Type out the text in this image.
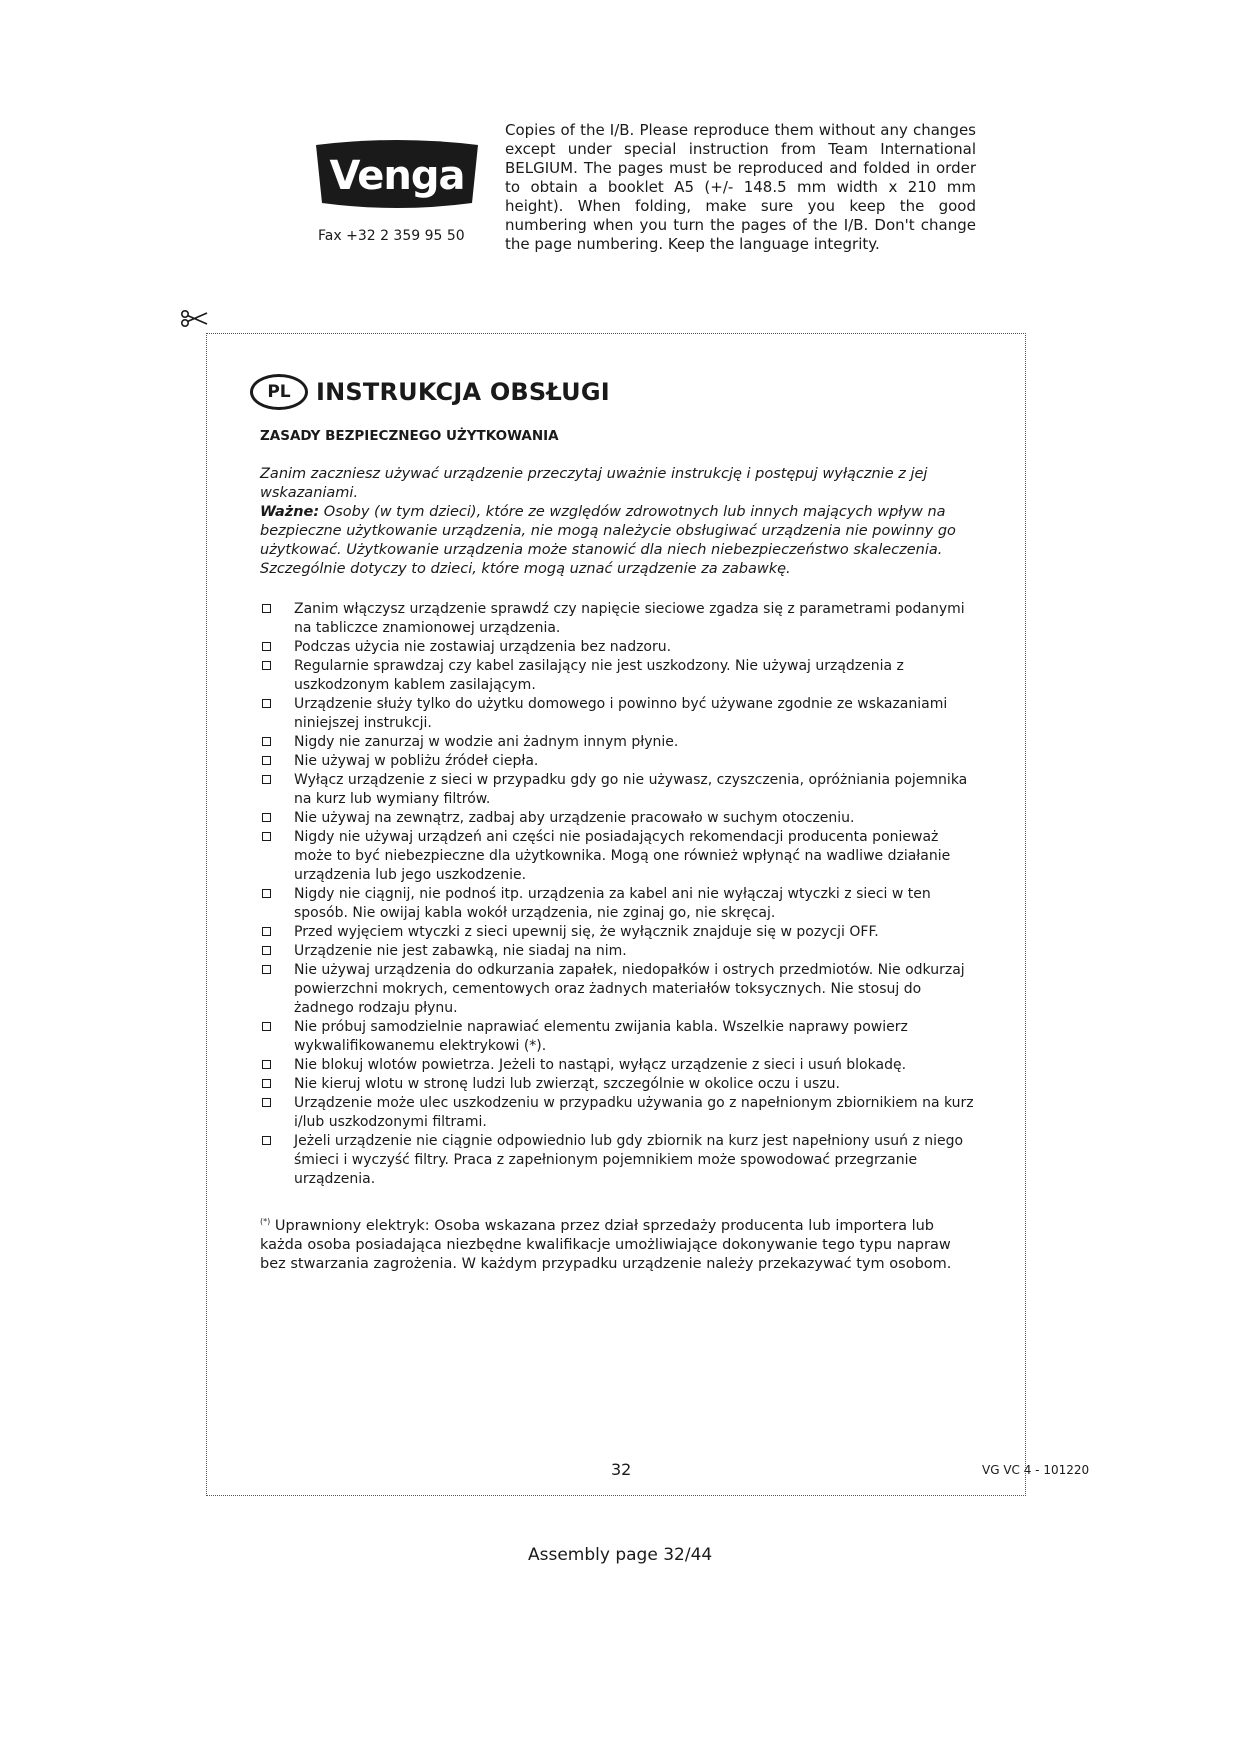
Venga
Fax +32 2 359 95 50
Copies of the I/B. Please reproduce them without any changes except under special instruction from Team International BELGIUM. The pages must be reproduced and folded in order to obtain a booklet A5 (+/- 148.5 mm width x 210 mm height). When folding, make sure you keep the good numbering when you turn the pages of the I/B. Don't change the page numbering. Keep the language integrity.
PL	INSTRUKCJA OBSŁUGI
ZASADY BEZPIECZNEGO UŻYTKOWANIA

Zanim zaczniesz używać urządzenie przeczytaj uważnie instrukcję i postępuj wyłącznie z jej wskazaniami.

Ważne: Osoby (w tym dzieci), które ze względów zdrowotnych lub innych mających wpływ na bezpieczne użytkowanie urządzenia, nie mogą należycie obsługiwać urządzenia nie powinny go użytkować. Użytkowanie urządzenia może stanowić dla niech niebezpieczeństwo skaleczenia. Szczególnie dotyczy to dzieci, które mogą uznać urządzenie za zabawkę.

Zanim włączysz urządzenie sprawdź czy napięcie sieciowe zgadza się z parametrami podanymi na tabliczce znamionowej urządzenia.
Podczas użycia nie zostawiaj urządzenia bez nadzoru.
Regularnie sprawdzaj czy kabel zasilający nie jest uszkodzony. Nie używaj urządzenia z uszkodzonym kablem zasilającym.
Urządzenie służy tylko do użytku domowego i powinno być używane zgodnie ze wskazaniami niniejszej instrukcji.
Nigdy nie zanurzaj w wodzie ani żadnym innym płynie.
Nie używaj w pobliżu źródeł ciepła.
Wyłącz urządzenie z sieci w przypadku gdy go nie używasz, czyszczenia, opróżniania pojemnika na kurz lub wymiany filtrów.
Nie używaj na zewnątrz, zadbaj aby urządzenie pracowało w suchym otoczeniu.
Nigdy nie używaj urządzeń ani części nie posiadających rekomendacji producenta ponieważ może to być niebezpieczne dla użytkownika. Mogą one również wpłynąć na wadliwe działanie urządzenia lub jego uszkodzenie.
Nigdy nie ciągnij, nie podnoś itp. urządzenia za kabel ani nie wyłączaj wtyczki z sieci w ten sposób. Nie owijaj kabla wokół urządzenia, nie zginaj go, nie skręcaj.
Przed wyjęciem wtyczki z sieci upewnij się, że wyłącznik znajduje się w pozycji OFF.
Urządzenie nie jest zabawką, nie siadaj na nim.
Nie używaj urządzenia do odkurzania zapałek, niedopałków i ostrych przedmiotów. Nie odkurzaj powierzchni mokrych, cementowych oraz żadnych materiałów toksycznych. Nie stosuj do żadnego rodzaju płynu.
Nie próbuj samodzielnie naprawiać elementu zwijania kabla. Wszelkie naprawy powierz wykwalifikowanemu elektrykowi (*).
Nie blokuj wlotów powietrza. Jeżeli to nastąpi, wyłącz urządzenie z sieci i usuń blokadę.
Nie kieruj wlotu w stronę ludzi lub zwierząt, szczególnie w okolice oczu i uszu.
Urządzenie może ulec uszkodzeniu w przypadku używania go z napełnionym zbiornikiem na kurz i/lub uszkodzonymi filtrami.
Jeżeli urządzenie nie ciągnie odpowiednio lub gdy zbiornik na kurz jest napełniony usuń z niego śmieci i wyczyść filtry. Praca z zapełnionym pojemnikiem może spowodować przegrzanie urządzenia.
(*) Uprawniony elektryk: Osoba wskazana przez dział sprzedaży producenta lub importera lub każda osoba posiadająca niezbędne kwalifikacje umożliwiające dokonywanie tego typu napraw bez stwarzania zagrożenia. W każdym przypadku urządzenie należy przekazywać tym osobom.
32	VG VC 4 - 101220
Assembly page 32/44
